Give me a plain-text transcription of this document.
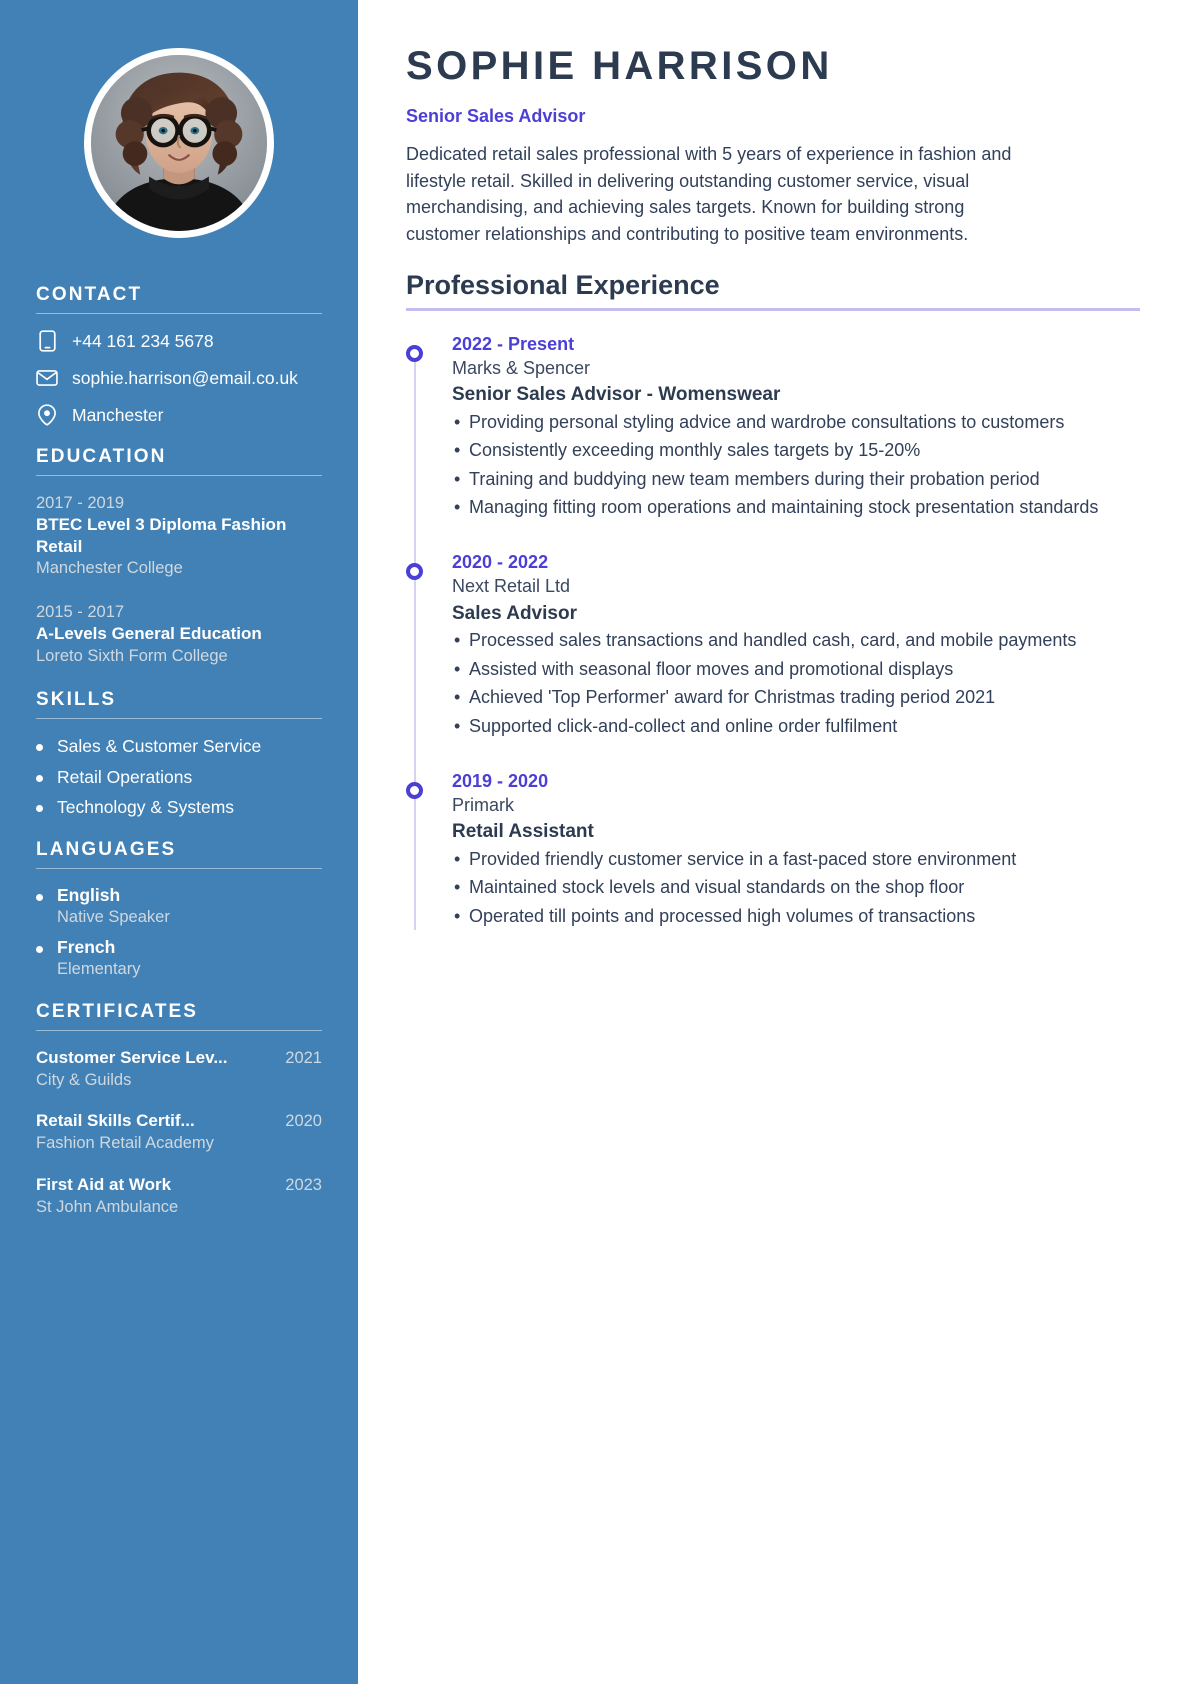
CONTACT
+44 161 234 5678
sophie.harrison@email.co.uk
Manchester
EDUCATION
2017 - 2019
BTEC Level 3 Diploma Fashion Retail
Manchester College
2015 - 2017
A-Levels General Education
Loreto Sixth Form College
SKILLS
Sales & Customer Service
Retail Operations
Technology & Systems
LANGUAGES
English
Native Speaker
French
Elementary
CERTIFICATES
Customer Service Lev...	2021
City & Guilds
Retail Skills Certif...	2020
Fashion Retail Academy
First Aid at Work	2023
St John Ambulance
SOPHIE HARRISON
Senior Sales Advisor

Dedicated retail sales professional with 5 years of experience in fashion and lifestyle retail. Skilled in delivering outstanding customer service, visual merchandising, and achieving sales targets. Known for building strong customer relationships and contributing to positive team environments.

Professional Experience
2022 - Present
Marks & Spencer
Senior Sales Advisor - Womenswear
• Providing personal styling advice and wardrobe consultations to customers
• Consistently exceeding monthly sales targets by 15-20%
• Training and buddying new team members during their probation period
• Managing fitting room operations and maintaining stock presentation standards
2020 - 2022
Next Retail Ltd
Sales Advisor
• Processed sales transactions and handled cash, card, and mobile payments
• Assisted with seasonal floor moves and promotional displays
• Achieved 'Top Performer' award for Christmas trading period 2021
• Supported click-and-collect and online order fulfilment
2019 - 2020
Primark
Retail Assistant
• Provided friendly customer service in a fast-paced store environment
• Maintained stock levels and visual standards on the shop floor
• Operated till points and processed high volumes of transactions
